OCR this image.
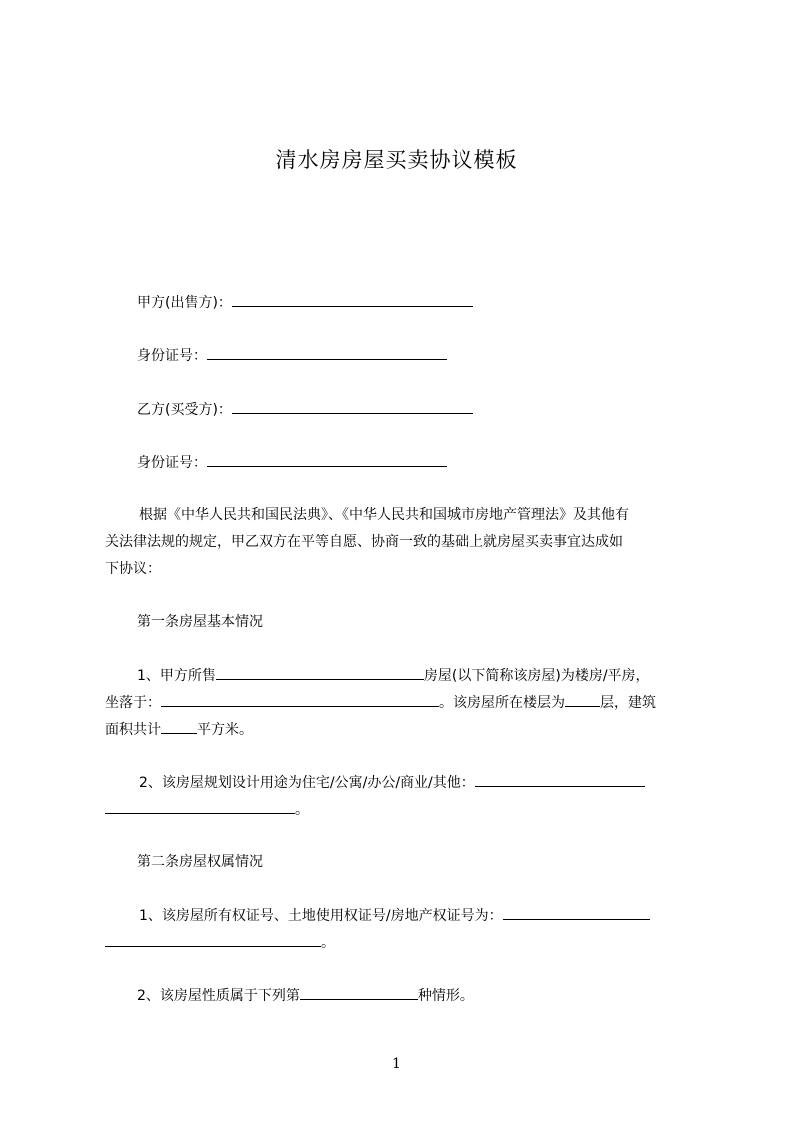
清水房房屋买卖协议模板
甲方(出售方)：
身份证号：
乙方(买受方)：
身份证号：
根据《中华人民共和国民法典》、《中华人民共和国城市房地产管理法》及其他有
关法律法规的规定，甲乙双方在平等自愿、协商一致的基础上就房屋买卖事宜达成如
下协议：
第一条房屋基本情况
1、甲方所售	房屋(以下简称该房屋)为楼房/平房，
坐落于：	。该房屋所在楼层为	层，建筑
面积共计	平方米。
2、该房屋规划设计用途为住宅/公寓/办公/商业/其他：
。
第二条房屋权属情况
1、该房屋所有权证号、土地使用权证号/房地产权证号为：
。
2、该房屋性质属于下列第	种情形。
1
